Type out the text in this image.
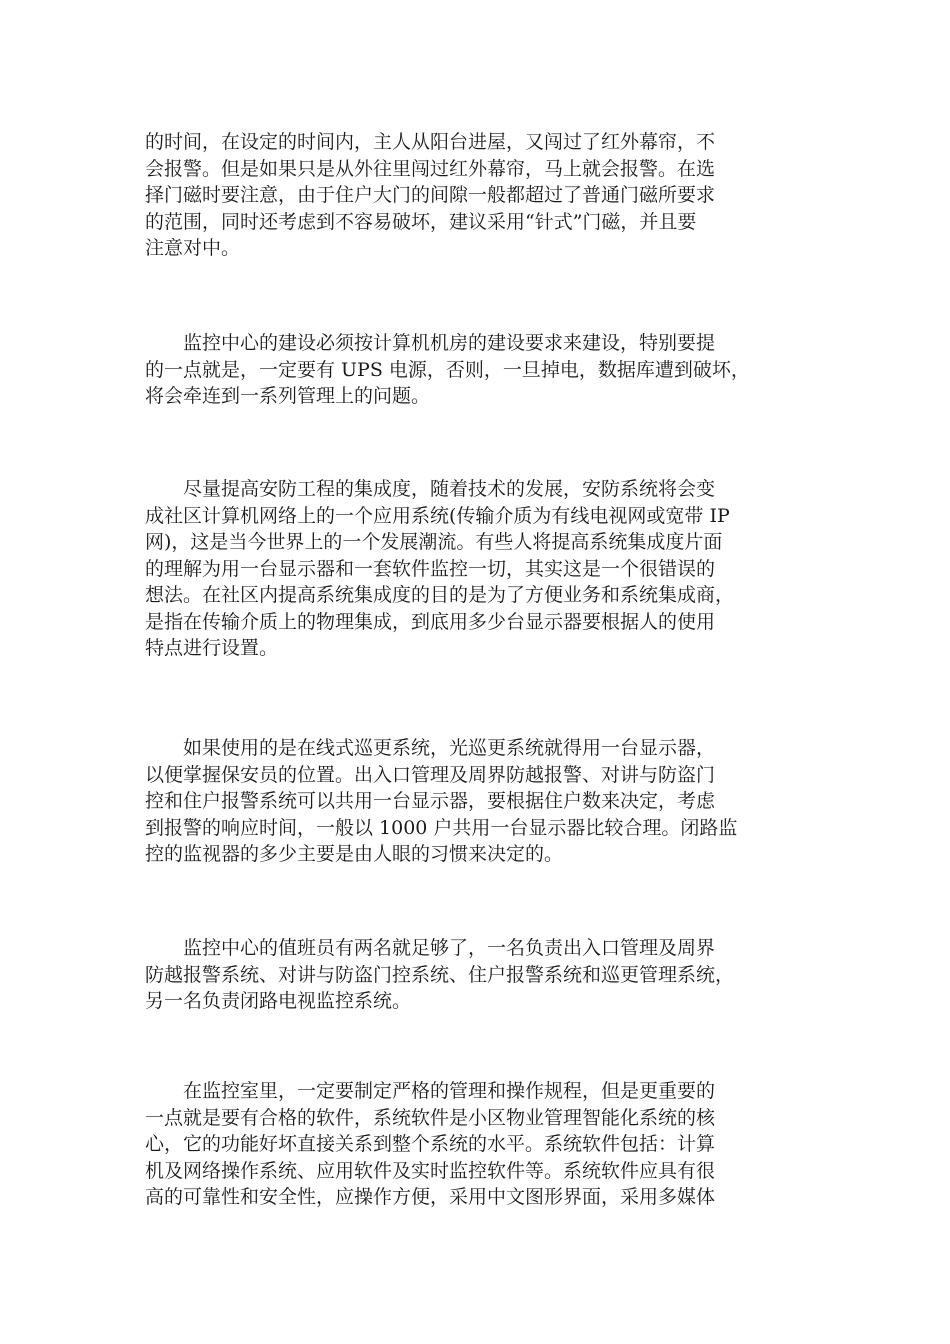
的时间，在设定的时间内，主人从阳台进屋，又闯过了红外幕帘，不
会报警。但是如果只是从外往里闯过红外幕帘，马上就会报警。在选
择门磁时要注意，由于住户大门的间隙一般都超过了普通门磁所要求
的范围，同时还考虑到不容易破坏，建议采用“针式”门磁，并且要
注意对中。
　　监控中心的建设必须按计算机机房的建设要求来建设，特别要提
的一点就是，一定要有 UPS 电源，否则，一旦掉电，数据库遭到破坏，
将会牵连到一系列管理上的问题。
　　尽量提高安防工程的集成度，随着技术的发展，安防系统将会变
成社区计算机网络上的一个应用系统(传输介质为有线电视网或宽带 IP
网)，这是当今世界上的一个发展潮流。有些人将提高系统集成度片面
的理解为用一台显示器和一套软件监控一切，其实这是一个很错误的
想法。在社区内提高系统集成度的目的是为了方便业务和系统集成商，
是指在传输介质上的物理集成，到底用多少台显示器要根据人的使用
特点进行设置。
　　如果使用的是在线式巡更系统，光巡更系统就得用一台显示器，
以便掌握保安员的位置。出入口管理及周界防越报警、对讲与防盗门
控和住户报警系统可以共用一台显示器，要根据住户数来决定，考虑
到报警的响应时间，一般以 1000 户共用一台显示器比较合理。闭路监
控的监视器的多少主要是由人眼的习惯来决定的。
　　监控中心的值班员有两名就足够了，一名负责出入口管理及周界
防越报警系统、对讲与防盗门控系统、住户报警系统和巡更管理系统，
另一名负责闭路电视监控系统。
　　在监控室里，一定要制定严格的管理和操作规程，但是更重要的
一点就是要有合格的软件，系统软件是小区物业管理智能化系统的核
心，它的功能好坏直接关系到整个系统的水平。系统软件包括：计算
机及网络操作系统、应用软件及实时监控软件等。系统软件应具有很
高的可靠性和安全性，应操作方便，采用中文图形界面，采用多媒体
